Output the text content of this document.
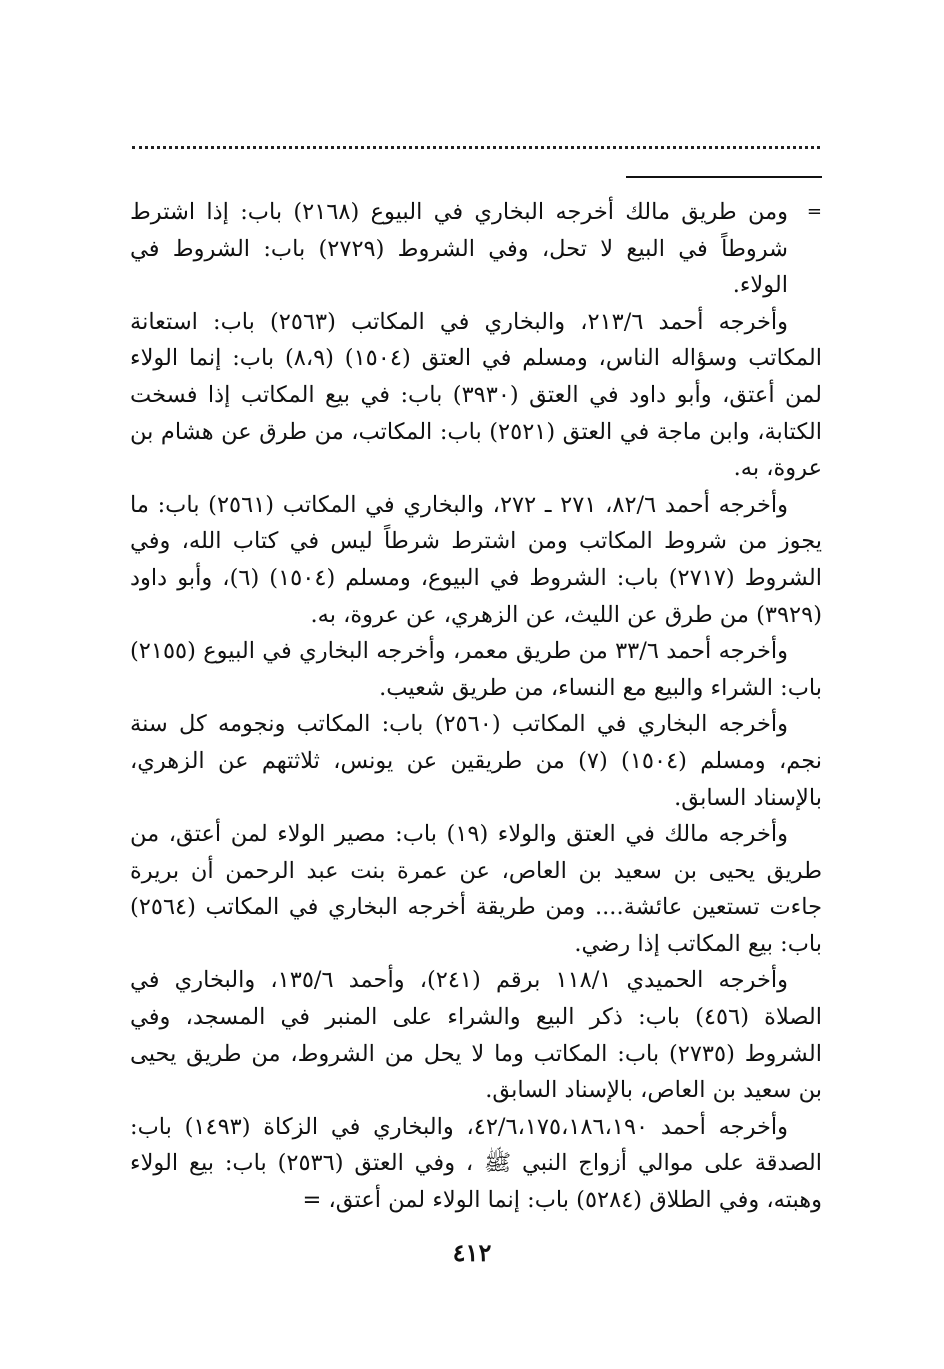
=
ومن طريق مالك أخرجه البخاري في البيوع (٢١٦٨) باب: إذا اشترط شروطاً في البيع لا تحل، وفي الشروط (٢٧٢٩) باب: الشروط في الولاء.

وأخرجه أحمد ٢١٣/٦، والبخاري في المكاتب (٢٥٦٣) باب: استعانة المكاتب وسؤاله الناس، ومسلم في العتق (١٥٠٤) (٨،٩) باب: إنما الولاء لمن أعتق، وأبو داود في العتق (٣٩٣٠) باب: في بيع المكاتب إذا فسخت الكتابة، وابن ماجة في العتق (٢٥٢١) باب: المكاتب، من طرق عن هشام بن عروة، به.

وأخرجه أحمد ٨٢/٦، ٢٧١ ـ ٢٧٢، والبخاري في المكاتب (٢٥٦١) باب: ما يجوز من شروط المكاتب ومن اشترط شرطاً ليس في كتاب الله، وفي الشروط (٢٧١٧) باب: الشروط في البيوع، ومسلم (١٥٠٤) (٦)، وأبو داود (٣٩٢٩) من طرق عن الليث، عن الزهري، عن عروة، به.

وأخرجه أحمد ٣٣/٦ من طريق معمر، وأخرجه البخاري في البيوع (٢١٥٥) باب: الشراء والبيع مع النساء، من طريق شعيب.

وأخرجه البخاري في المكاتب (٢٥٦٠) باب: المكاتب ونجومه كل سنة نجم، ومسلم (١٥٠٤) (٧) من طريقين عن يونس، ثلاثتهم عن الزهري، بالإسناد السابق.

وأخرجه مالك في العتق والولاء (١٩) باب: مصير الولاء لمن أعتق، من طريق يحيى بن سعيد بن العاص، عن عمرة بنت عبد الرحمن أن بريرة جاءت تستعين عائشة.... ومن طريقة أخرجه البخاري في المكاتب (٢٥٦٤) باب: بيع المكاتب إذا رضي.

وأخرجه الحميدي ١١٨/١ برقم (٢٤١)، وأحمد ١٣٥/٦، والبخاري في الصلاة (٤٥٦) باب: ذكر البيع والشراء على المنبر في المسجد، وفي الشروط (٢٧٣٥) باب: المكاتب وما لا يحل من الشروط، من طريق يحيى بن سعيد بن العاص، بالإسناد السابق.

وأخرجه أحمد ٤٢/٦،١٧٥،١٨٦،١٩٠، والبخاري في الزكاة (١٤٩٣) باب: الصدقة على موالي أزواج النبي ﷺ ، وفي العتق (٢٥٣٦) باب: بيع الولاء وهبته، وفي الطلاق (٥٢٨٤) باب: إنما الولاء لمن أعتق، =

٤١٢
